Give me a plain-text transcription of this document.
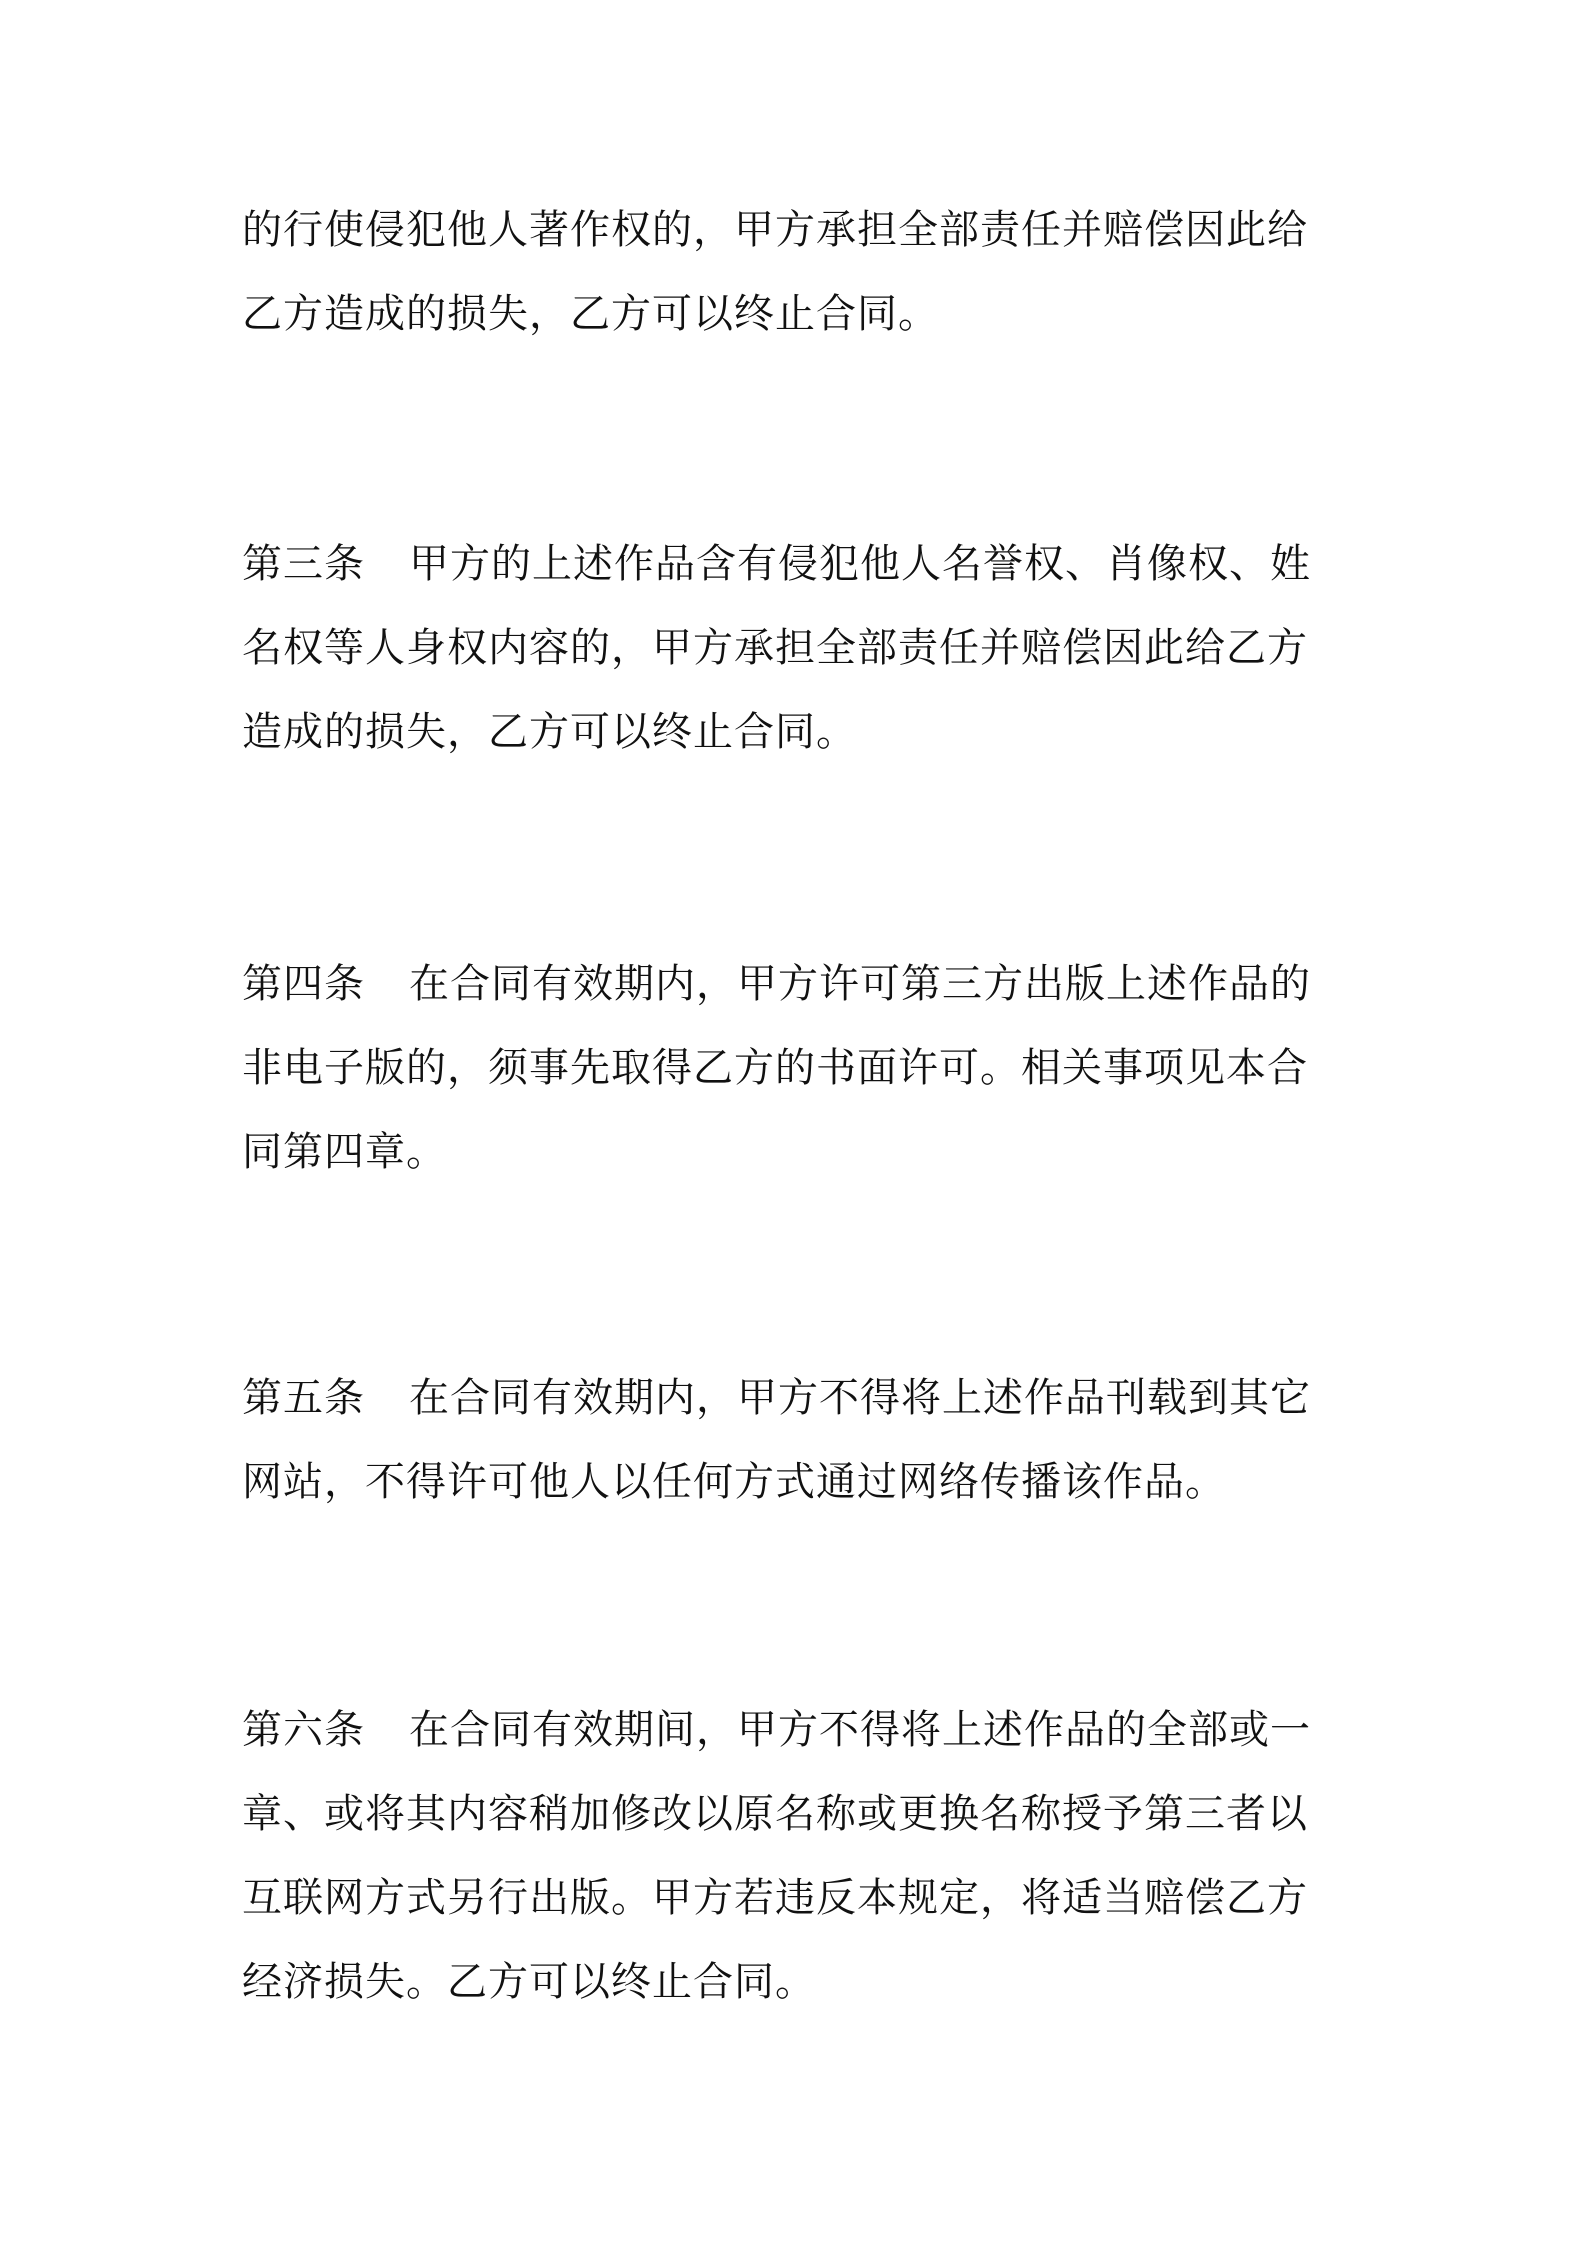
的行使侵犯他人著作权的，甲方承担全部责任并赔偿因此给
乙方造成的损失，乙方可以终止合同。

第三条 甲方的上述作品含有侵犯他人名誉权、肖像权、姓
名权等人身权内容的，甲方承担全部责任并赔偿因此给乙方
造成的损失，乙方可以终止合同。

第四条 在合同有效期内，甲方许可第三方出版上述作品的
非电子版的，须事先取得乙方的书面许可。相关事项见本合
同第四章。

第五条 在合同有效期内，甲方不得将上述作品刊载到其它
网站，不得许可他人以任何方式通过网络传播该作品。

第六条 在合同有效期间，甲方不得将上述作品的全部或一
章、或将其内容稍加修改以原名称或更换名称授予第三者以
互联网方式另行出版。甲方若违反本规定，将适当赔偿乙方
经济损失。乙方可以终止合同。
